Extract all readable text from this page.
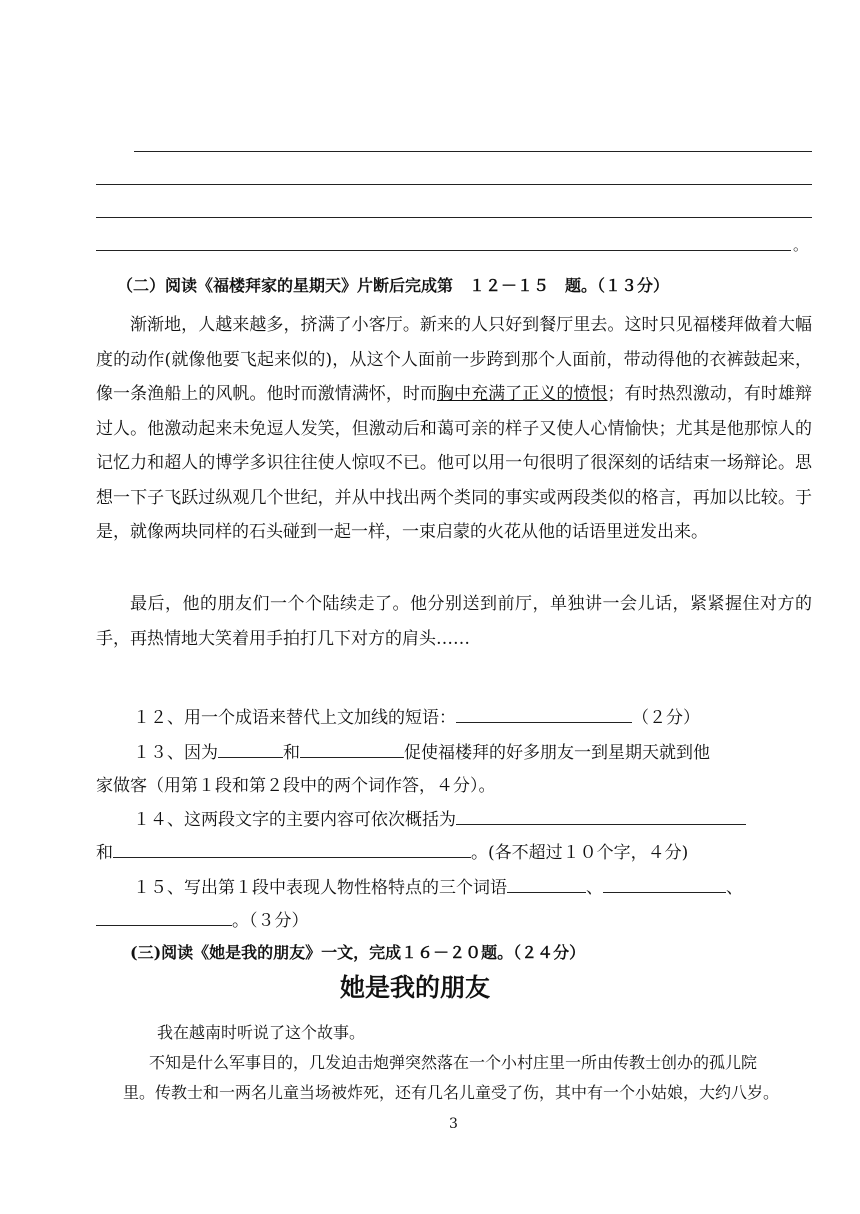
。
（二）阅读《福楼拜家的星期天》片断后完成第　１２－１５　题。（１３分）
渐渐地，人越来越多，挤满了小客厅。新来的人只好到餐厅里去。这时只见福楼拜做着大幅度的动作(就像他要飞起来似的)，从这个人面前一步跨到那个人面前，带动得他的衣裤鼓起来，像一条渔船上的风帆。他时而激情满怀，时而胸中充满了正义的愤恨；有时热烈激动，有时雄辩过人。他激动起来未免逗人发笑，但激动后和蔼可亲的样子又使人心情愉快；尤其是他那惊人的记忆力和超人的博学多识往往使人惊叹不已。他可以用一句很明了很深刻的话结束一场辩论。思想一下子飞跃过纵观几个世纪，并从中找出两个类同的事实或两段类似的格言，再加以比较。于是，就像两块同样的石头碰到一起一样，一束启蒙的火花从他的话语里迸发出来。
最后，他的朋友们一个个陆续走了。他分别送到前厅，单独讲一会儿话，紧紧握住对方的手，再热情地大笑着用手拍打几下对方的肩头……
１２、用一个成语来替代上文加线的短语：	（２分）
１３、因为	和	促使福楼拜的好多朋友一到星期天就到他
家做客（用第１段和第２段中的两个词作答，４分）。
１４、这两段文字的主要内容可依次概括为
和	。(各不超过１０个字，４分)
１５、写出第１段中表现人物性格特点的三个词语	、	、
。（３分）
(三)阅读《她是我的朋友》一文，完成１６－２０题。（２４分）
她是我的朋友
我在越南时听说了这个故事。
不知是什么军事目的，几发迫击炮弹突然落在一个小村庄里一所由传教士创办的孤儿院
里。传教士和一两名儿童当场被炸死，还有几名儿童受了伤，其中有一个小姑娘，大约八岁。
3
